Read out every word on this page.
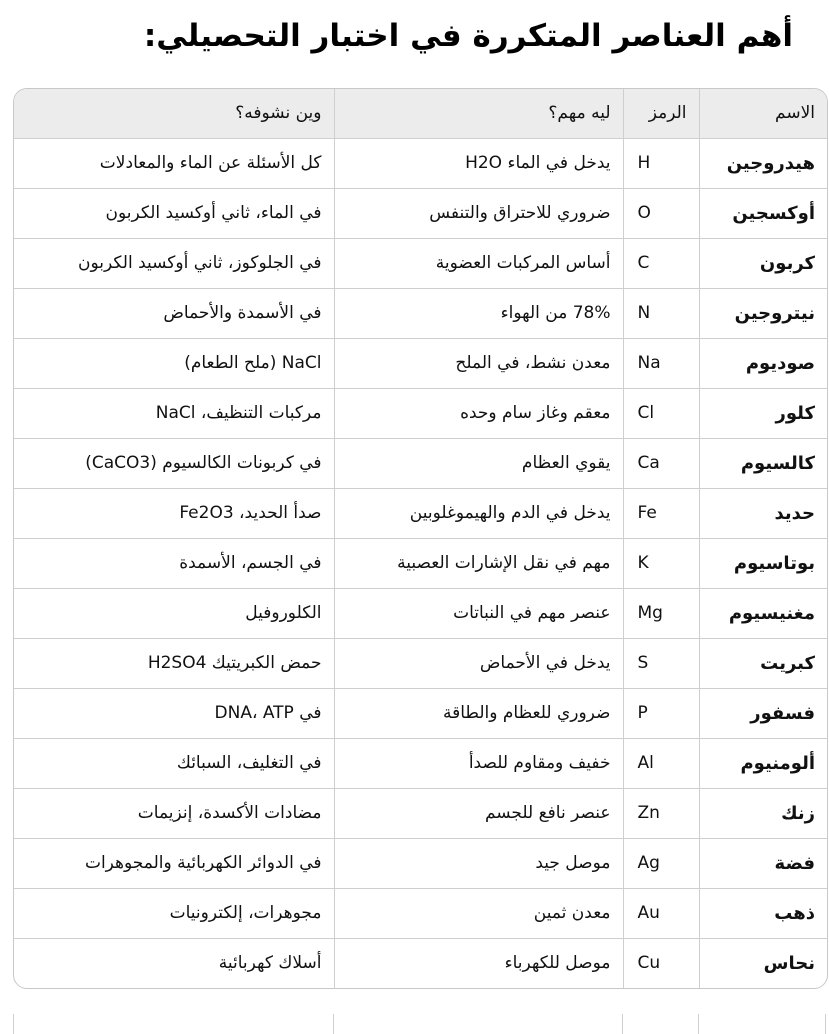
أهم العناصر المتكررة في اختبار التحصيلي:
الاسم	الرمز	ليه مهم؟	وين نشوفه؟
هيدروجين	H	يدخل في الماء H2O	كل الأسئلة عن الماء والمعادلات
أوكسجين	O	ضروري للاحتراق والتنفس	في الماء، ثاني أوكسيد الكربون
كربون	C	أساس المركبات العضوية	في الجلوكوز، ثاني أوكسيد الكربون
نيتروجين	N	78% من الهواء	في الأسمدة والأحماض
صوديوم	Na	معدن نشط، في الملح	NaCl (ملح الطعام)
كلور	Cl	معقم وغاز سام وحده	مركبات التنظيف، NaCl
كالسيوم	Ca	يقوي العظام	في كربونات الكالسيوم (CaCO3)
حديد	Fe	يدخل في الدم والهيموغلوبين	صدأ الحديد، Fe2O3
بوتاسيوم	K	مهم في نقل الإشارات العصبية	في الجسم، الأسمدة
مغنيسيوم	Mg	عنصر مهم في النباتات	الكلوروفيل
كبريت	S	يدخل في الأحماض	حمض الكبريتيك H2SO4
فسفور	P	ضروري للعظام والطاقة	في DNA، ATP
ألومنيوم	Al	خفيف ومقاوم للصدأ	في التغليف، السبائك
زنك	Zn	عنصر نافع للجسم	مضادات الأكسدة، إنزيمات
فضة	Ag	موصل جيد	في الدوائر الكهربائية والمجوهرات
ذهب	Au	معدن ثمين	مجوهرات، إلكترونيات
نحاس	Cu	موصل للكهرباء	أسلاك كهربائية
